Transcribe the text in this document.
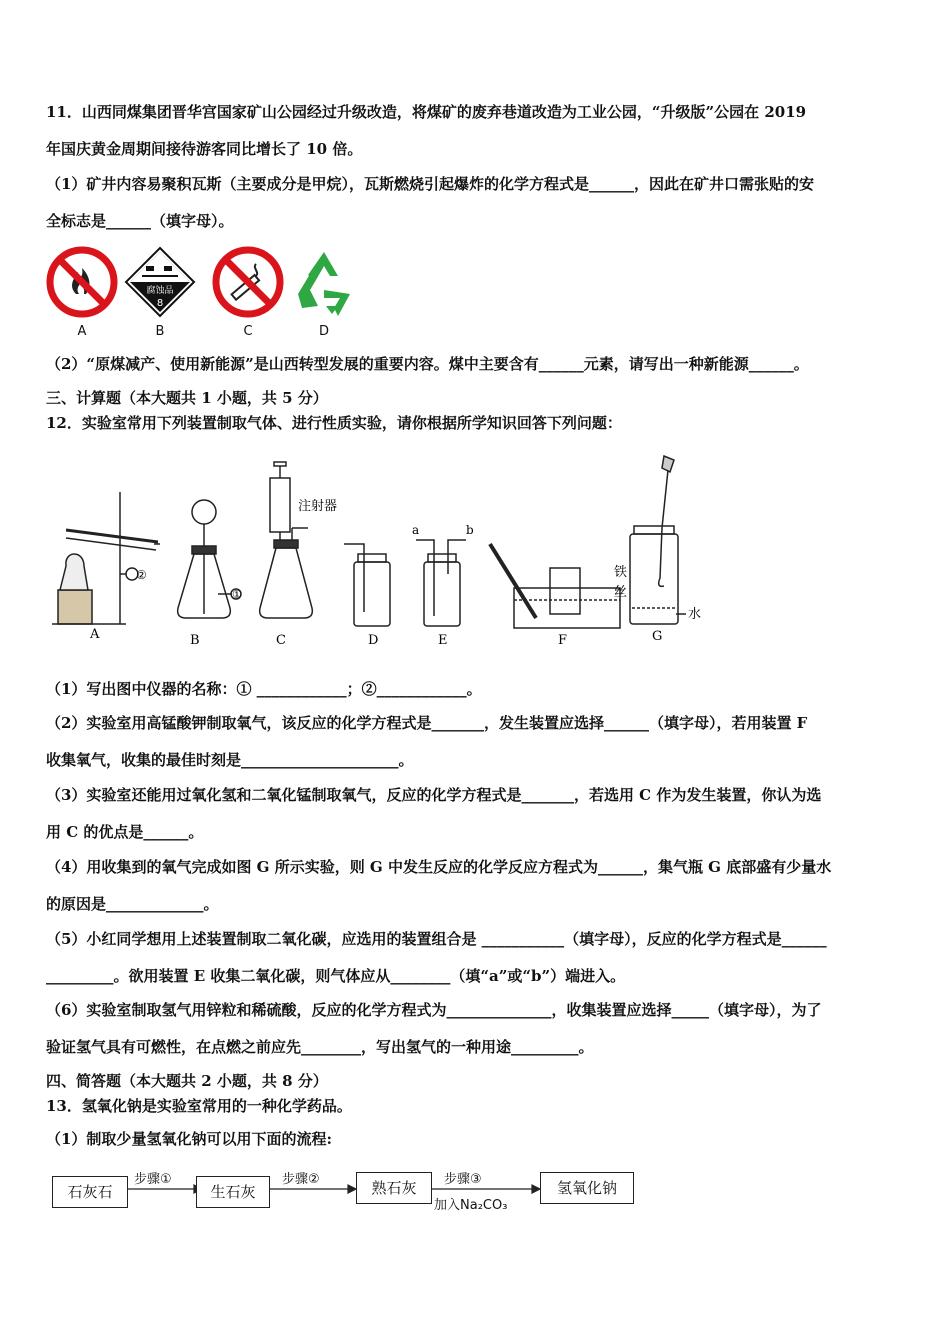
11．山西同煤集团晋华宫国家矿山公园经过升级改造，将煤矿的废弃巷道改造为工业公园，“升级版”公园在 2019
年国庆黄金周期间接待游客同比增长了 10 倍。
（1）矿井内容易聚积瓦斯（主要成分是甲烷），瓦斯燃烧引起爆炸的化学方程式是______，因此在矿井口需张贴的安
全标志是______（填字母）。
A
腐蚀品
8
B	C	D
（2）“原煤减产、使用新能源”是山西转型发展的重要内容。煤中主要含有______元素，请写出一种新能源______。
三、计算题（本大题共 1 小题，共 5 分）
12．实验室常用下列装置制取气体、进行性质实验，请你根据所学知识回答下列问题：
②
①
注射器
a	b
铁
丝
水
A	B	C	D	E	F	G
（1）写出图中仪器的名称：① ____________；②____________。
（2）实验室用高锰酸钾制取氧气，该反应的化学方程式是_______，发生装置应选择______（填字母），若用装置 F
收集氧气，收集的最佳时刻是_____________________。
（3）实验室还能用过氧化氢和二氧化锰制取氧气，反应的化学方程式是_______，若选用 C 作为发生装置，你认为选
用 C 的优点是______。
（4）用收集到的氧气完成如图 G 所示实验，则 G 中发生反应的化学反应方程式为______，集气瓶 G 底部盛有少量水
的原因是_____________。
（5）小红同学想用上述装置制取二氧化碳，应选用的装置组合是 ___________（填字母），反应的化学方程式是______
_________。欲用装置 E 收集二氧化碳，则气体应从________（填“a”或“b”）端进入。
（6）实验室制取氢气用锌粒和稀硫酸，反应的化学方程式为______________，收集装置应选择_____（填字母），为了
验证氢气具有可燃性，在点燃之前应先________，写出氢气的一种用途_________。
四、简答题（本大题共 2 小题，共 8 分）
13．氢氧化钠是实验室常用的一种化学药品。
（1）制取少量氢氧化钠可以用下面的流程:
石灰石	生石灰	熟石灰	氢氧化钠
步骤①	步骤②	步骤③
加入Na₂CO₃
